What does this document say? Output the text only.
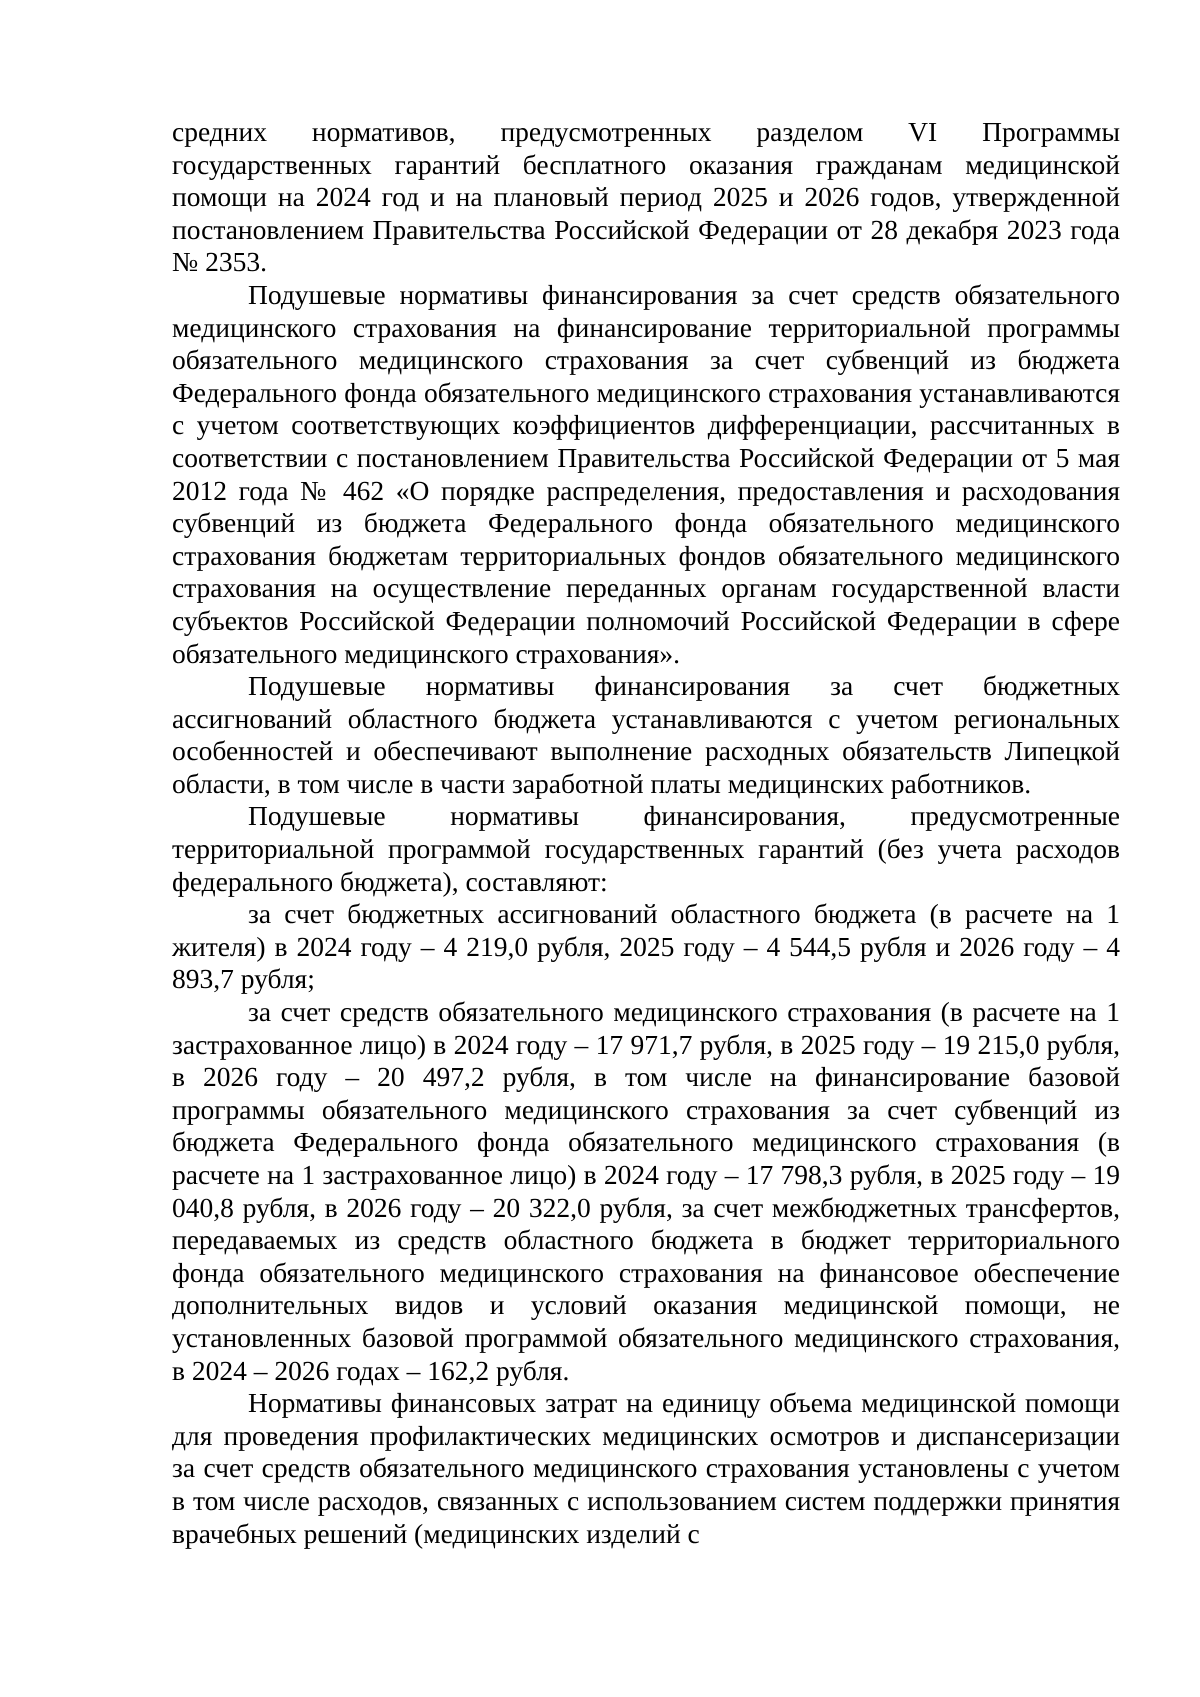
средних нормативов, предусмотренных разделом VI Программы государственных гарантий бесплатного оказания гражданам медицинской помощи на 2024 год и на плановый период 2025 и 2026 годов, утвержденной постановлением Правительства Российской Федерации от 28 декабря 2023 года № 2353.

Подушевые нормативы финансирования за счет средств обязательного медицинского страхования на финансирование территориальной программы обязательного медицинского страхования за счет субвенций из бюджета Федерального фонда обязательного медицинского страхования устанавливаются с учетом соответствующих коэффициентов дифференциации, рассчитанных в соответствии с постановлением Правительства Российской Федерации от 5 мая 2012 года № 462 «О порядке распределения, предоставления и расходования субвенций из бюджета Федерального фонда обязательного медицинского страхования бюджетам территориальных фондов обязательного медицинского страхования на осуществление переданных органам государственной власти субъектов Российской Федерации полномочий Российской Федерации в сфере обязательного медицинского страхования».

Подушевые нормативы финансирования за счет бюджетных ассигнований областного бюджета устанавливаются с учетом региональных особенностей и обеспечивают выполнение расходных обязательств Липецкой области, в том числе в части заработной платы медицинских работников.

Подушевые нормативы финансирования, предусмотренные территориальной программой государственных гарантий (без учета расходов федерального бюджета), составляют:

за счет бюджетных ассигнований областного бюджета (в расчете на 1 жителя) в 2024 году – 4 219,0 рубля, 2025 году – 4 544,5 рубля и 2026 году – 4 893,7 рубля;

за счет средств обязательного медицинского страхования (в расчете на 1 застрахованное лицо) в 2024 году – 17 971,7 рубля, в 2025 году – 19 215,0 рубля, в 2026 году – 20 497,2 рубля, в том числе на финансирование базовой программы обязательного медицинского страхования за счет субвенций из бюджета Федерального фонда обязательного медицинского страхования (в расчете на 1 застрахованное лицо) в 2024 году – 17 798,3 рубля, в 2025 году – 19 040,8 рубля, в 2026 году – 20 322,0 рубля, за счет межбюджетных трансфертов, передаваемых из средств областного бюджета в бюджет территориального фонда обязательного медицинского страхования на финансовое обеспечение дополнительных видов и условий оказания медицинской помощи, не установленных базовой программой обязательного медицинского страхования, в 2024 – 2026 годах – 162,2 рубля.

Нормативы финансовых затрат на единицу объема медицинской помощи для проведения профилактических медицинских осмотров и диспансеризации за счет средств обязательного медицинского страхования установлены с учетом в том числе расходов, связанных с использованием систем поддержки принятия врачебных решений (медицинских изделий с
